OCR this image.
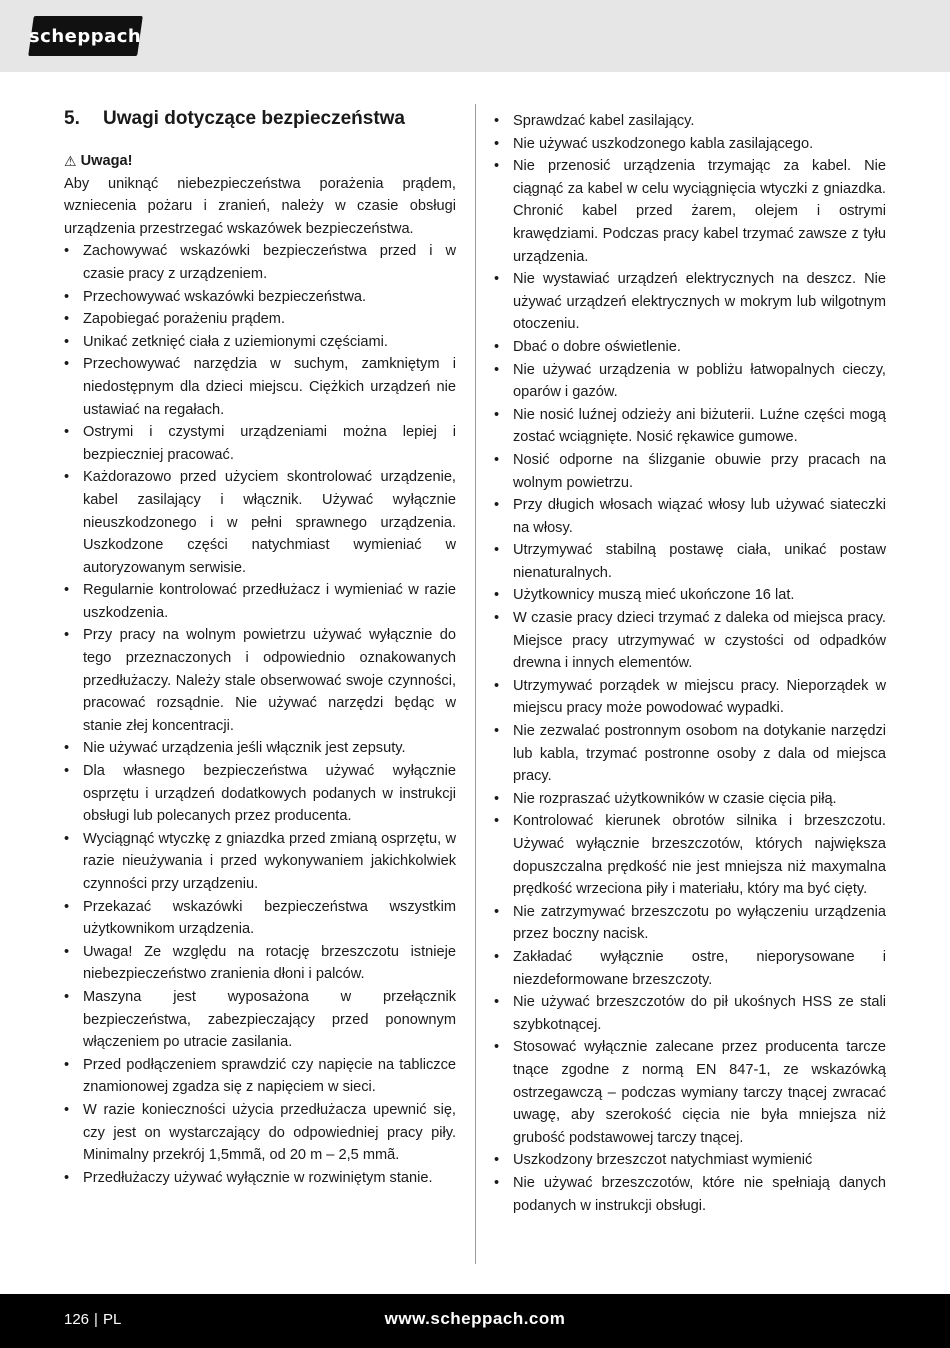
scheppach
5.	Uwagi dotyczące bezpieczeństwa
⚠ Uwaga!

Aby uniknąć niebezpieczeństwa porażenia prądem, wzniecenia pożaru i zranień, należy w czasie obsługi urządzenia przestrzegać wskazówek bezpieczeństwa.

• Zachowywać wskazówki bezpieczeństwa przed i w czasie pracy z urządzeniem.
• Przechowywać wskazówki bezpieczeństwa.
• Zapobiegać porażeniu prądem.
• Unikać zetknięć ciała z uziemionymi częściami.
• Przechowywać narzędzia w suchym, zamkniętym i niedostępnym dla dzieci miejscu. Ciężkich urządzeń nie ustawiać na regałach.
• Ostrymi i czystymi urządzeniami można lepiej i bezpieczniej pracować.
• Każdorazowo przed użyciem skontrolować urządzenie, kabel zasilający i włącznik. Używać wyłącznie nieuszkodzonego i w pełni sprawnego urządzenia. Uszkodzone części natychmiast wymieniać w autoryzowanym serwisie.
• Regularnie kontrolować przedłużacz i wymieniać w razie uszkodzenia.
• Przy pracy na wolnym powietrzu używać wyłącznie do tego przeznaczonych i odpowiednio oznakowanych przedłużaczy. Należy stale obserwować swoje czynności, pracować rozsądnie. Nie używać narzędzi będąc w stanie złej koncentracji.
• Nie używać urządzenia jeśli włącznik jest zepsuty.
• Dla własnego bezpieczeństwa używać wyłącznie osprzętu i urządzeń dodatkowych podanych w instrukcji obsługi lub polecanych przez producenta.
• Wyciągnąć wtyczkę z gniazdka przed zmianą osprzętu, w razie nieużywania i przed wykonywaniem jakichkolwiek czynności przy urządzeniu.
• Przekazać wskazówki bezpieczeństwa wszystkim użytkownikom urządzenia.
• Uwaga! Ze względu na rotację brzeszczotu istnieje niebezpieczeństwo zranienia dłoni i palców.
• Maszyna jest wyposażona w przełącznik bezpieczeństwa, zabezpieczający przed ponownym włączeniem po utracie zasilania.
• Przed podłączeniem sprawdzić czy napięcie na tabliczce znamionowej zgadza się z napięciem w sieci.
• W razie konieczności użycia przedłużacza upewnić się, czy jest on wystarczający do odpowiedniej pracy piły. Minimalny przekrój 1,5mmã, od 20 m – 2,5 mmã.
• Przedłużaczy używać wyłącznie w rozwiniętym stanie.
• Sprawdzać kabel zasilający.
• Nie używać uszkodzonego kabla zasilającego.
• Nie przenosić urządzenia trzymając za kabel. Nie ciągnąć za kabel w celu wyciągnięcia wtyczki z gniazdka. Chronić kabel przed żarem, olejem i ostrymi krawędziami. Podczas pracy kabel trzymać zawsze z tyłu urządzenia.
• Nie wystawiać urządzeń elektrycznych na deszcz. Nie używać urządzeń elektrycznych w mokrym lub wilgotnym otoczeniu.
• Dbać o dobre oświetlenie.
• Nie używać urządzenia w pobliżu łatwopalnych cieczy, oparów i gazów.
• Nie nosić luźnej odzieży ani biżuterii. Luźne części mogą zostać wciągnięte. Nosić rękawice gumowe.
• Nosić odporne na ślizganie obuwie przy pracach na wolnym powietrzu.
• Przy długich włosach wiązać włosy lub używać siateczki na włosy.
• Utrzymywać stabilną postawę ciała, unikać postaw nienaturalnych.
• Użytkownicy muszą mieć ukończone 16 lat.
• W czasie pracy dzieci trzymać z daleka od miejsca pracy. Miejsce pracy utrzymywać w czystości od odpadków drewna i innych elementów.
• Utrzymywać porządek w miejscu pracy. Nieporządek w miejscu pracy może powodować wypadki.
• Nie zezwalać postronnym osobom na dotykanie narzędzi lub kabla, trzymać postronne osoby z dala od miejsca pracy.
• Nie rozpraszać użytkowników w czasie cięcia piłą.
• Kontrolować kierunek obrotów silnika i brzeszczotu. Używać wyłącznie brzeszczotów, których największa dopuszczalna prędkość nie jest mniejsza niż maxymalna prędkość wrzeciona piły i materiału, który ma być cięty.
• Nie zatrzymywać brzeszczotu po wyłączeniu urządzenia przez boczny nacisk.
• Zakładać wyłącznie ostre, nieporysowane i niezdeformowane brzeszczoty.
• Nie używać brzeszczotów do pił ukośnych HSS ze stali szybkotnącej.
• Stosować wyłącznie zalecane przez producenta tarcze tnące zgodne z normą EN 847-1, ze wskazówką ostrzegawczą – podczas wymiany tarczy tnącej zwracać uwagę, aby szerokość cięcia nie była mniejsza niż grubość podstawowej tarczy tnącej.
• Uszkodzony brzeszczot natychmiast wymienić
• Nie używać brzeszczotów, które nie spełniają danych podanych w instrukcji obsługi.
126 | PL	www.scheppach.com
